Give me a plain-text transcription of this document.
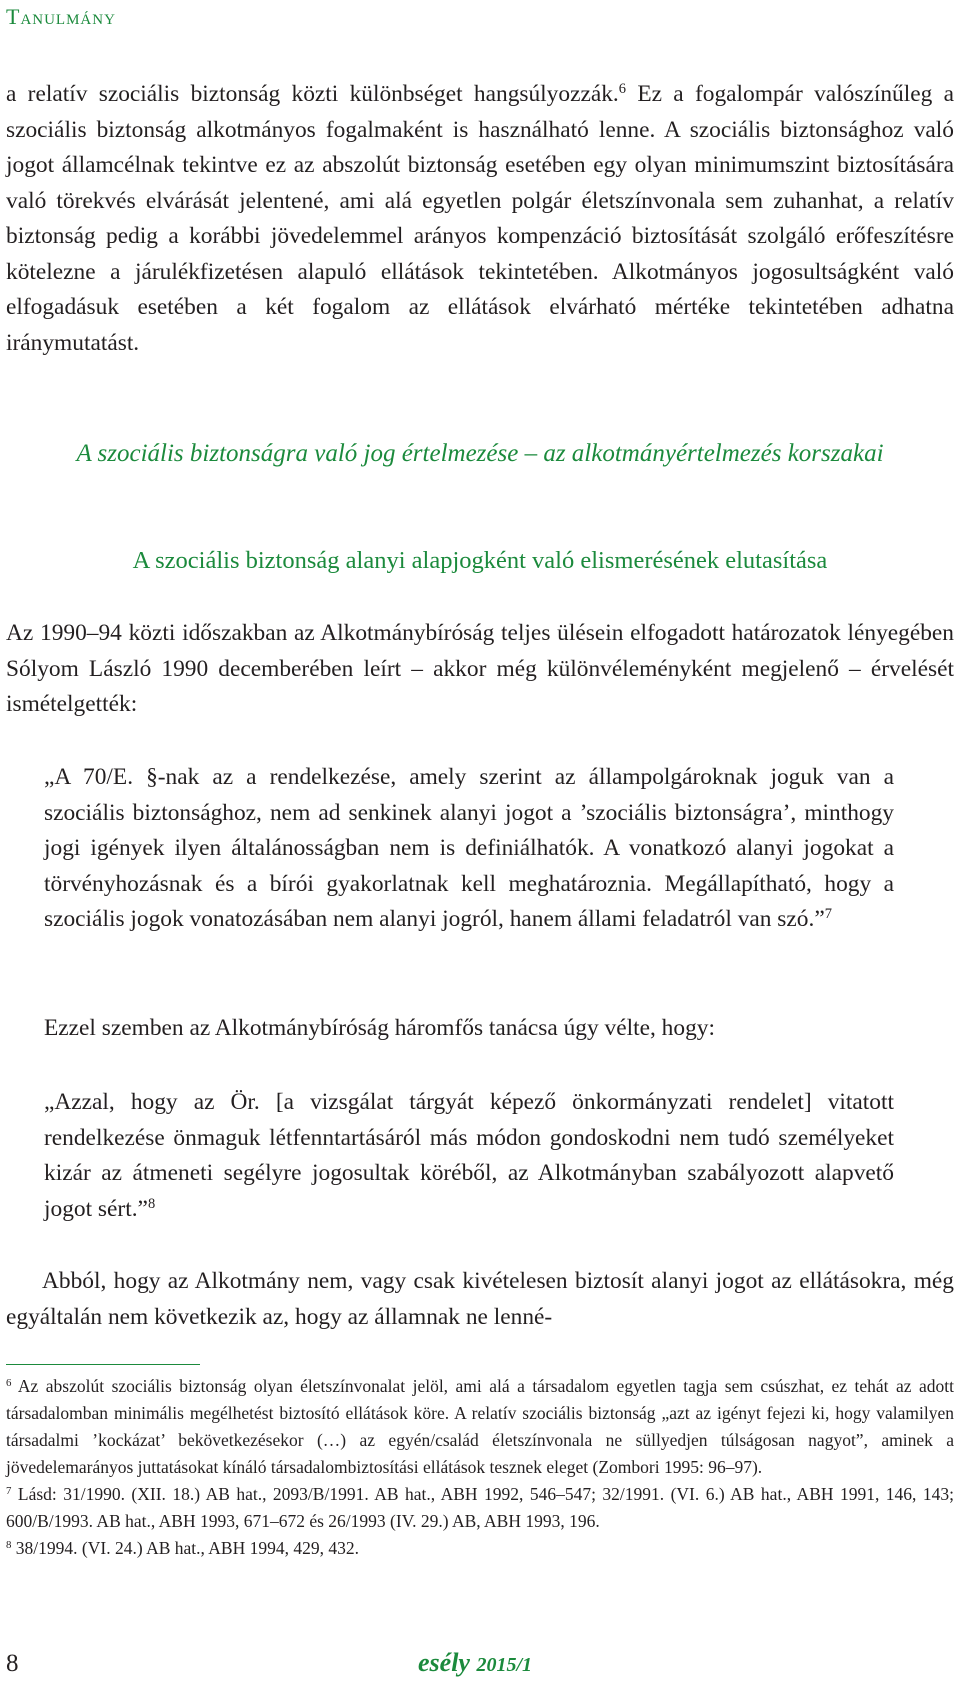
Tanulmány

a relatív szociális biztonság közti különbséget hangsúlyozzák.$^6$ Ez a fogalompár valószínűleg a szociális biztonság alkotmányos fogalmaként is használható lenne. A szociális biztonsághoz való jogot államcélnak tekintve ez az abszolút biztonság esetében egy olyan minimumszint biztosítására való törekvés elvárását jelentené, ami alá egyetlen polgár életszínvonala sem zuhanhat, a relatív biztonság pedig a korábbi jövedelemmel arányos kompenzáció biztosítását szolgáló erőfeszítésre kötelezne a járulékfizetésen alapuló ellátások tekintetében. Alkotmányos jogosultságként való elfogadásuk esetében a két fogalom az ellátások elvárható mértéke tekintetében adhatna iránymutatást.

A szociális biztonságra való jog értelmezése – az alkotmányértelmezés korszakai

A szociális biztonság alanyi alapjogként való elismerésének elutasítása

Az 1990–94 közti időszakban az Alkotmánybíróság teljes ülésein elfogadott határozatok lényegében Sólyom László 1990 decemberében leírt – akkor még különvéleményként megjelenő – érvelését ismételgették:

„A 70/E. §-nak az a rendelkezése, amely szerint az állampolgároknak joguk van a szociális biztonsághoz, nem ad senkinek alanyi jogot a ’szociális biztonságra’, minthogy jogi igények ilyen általánosságban nem is definiálhatók. A vonatkozó alanyi jogokat a törvényhozásnak és a bírói gyakorlatnak kell meghatároznia. Megállapítható, hogy a szociális jogok vonatozásában nem alanyi jogról, hanem állami feladatról van szó.”$^7$

Ezzel szemben az Alkotmánybíróság háromfős tanácsa úgy vélte, hogy:

„Azzal, hogy az Ör. [a vizsgálat tárgyát képező önkormányzati rendelet] vitatott rendelkezése önmaguk létfenntartásáról más módon gondoskodni nem tudó személyeket kizár az átmeneti segélyre jogosultak köréből, az Alkotmányban szabályozott alapvető jogot sért.”$^8$

Abból, hogy az Alkotmány nem, vagy csak kivételesen biztosít alanyi jogot az ellátásokra, még egyáltalán nem következik az, hogy az államnak ne lenné-

$^6$ Az abszolút szociális biztonság olyan életszínvonalat jelöl, ami alá a társadalom egyetlen tagja sem csúszhat, ez tehát az adott társadalomban minimális megélhetést biztosító ellátások köre. A relatív szociális biztonság „azt az igényt fejezi ki, hogy valamilyen társadalmi ’kockázat’ bekövetkezésekor (…) az egyén/család életszínvonala ne süllyedjen túlságosan nagyot”, aminek a jövedelemarányos juttatásokat kínáló társadalombiztosítási ellátások tesznek eleget (Zombori 1995: 96–97).

$^7$ Lásd: 31/1990. (XII. 18.) AB hat., 2093/B/1991. AB hat., ABH 1992, 546–547; 32/1991. (VI. 6.) AB hat., ABH 1991, 146, 143; 600/B/1993. AB hat., ABH 1993, 671–672 és 26/1993 (IV. 29.) AB, ABH 1993, 196.

$^8$ 38/1994. (VI. 24.) AB hat., ABH 1994, 429, 432.

8	esély 2015/1
